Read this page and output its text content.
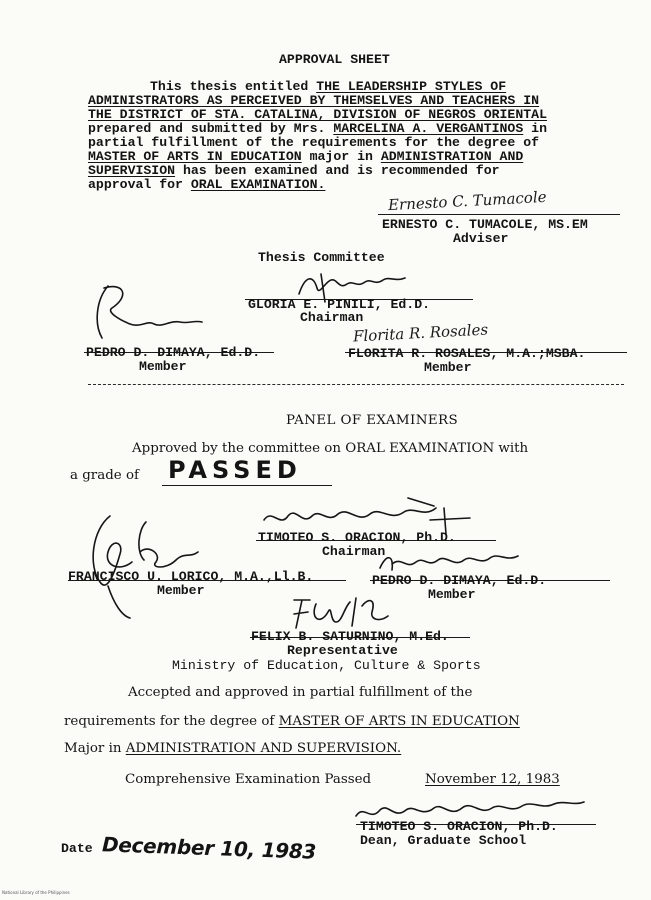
APPROVAL SHEET
This thesis entitled THE LEADERSHIP STYLES OF
ADMINISTRATORS AS PERCEIVED BY THEMSELVES AND TEACHERS IN
THE DISTRICT OF STA. CATALINA, DIVISION OF NEGROS ORIENTAL
prepared and submitted by Mrs. MARCELINA A. VERGANTINOS in
partial fulfillment of the requirements for the degree of
MASTER OF ARTS IN EDUCATION major in ADMINISTRATION AND
SUPERVISION has been examined and is recommended for
approval for ORAL EXAMINATION.
Ernesto C. Tumacole
ERNESTO C. TUMACOLE, MS.EM
Adviser
Thesis Committee
GLORIA E. PINILI, Ed.D.
Chairman
PEDRO D. DIMAYA, Ed.D.
Member
Florita R. Rosales
FLORITA R. ROSALES, M.A.;MSBA.
Member
PANEL OF EXAMINERS
Approved by the committee on ORAL EXAMINATION with
a grade of PASSED
TIMOTEO S. ORACION, Ph.D.
Chairman
FRANCISCO U. LORICO, M.A.,Ll.B.
Member
PEDRO D. DIMAYA, Ed.D.
Member
FELIX B. SATURNINO, M.Ed.
Representative
Ministry of Education, Culture & Sports
Accepted and approved in partial fulfillment of the
requirements for the degree of MASTER OF ARTS IN EDUCATION
Major in ADMINISTRATION AND SUPERVISION.
Comprehensive Examination Passed	November 12, 1983
TIMOTEO S. ORACION, Ph.D.
Dean, Graduate School
Date December 10, 1983
National Library of the Philippines
